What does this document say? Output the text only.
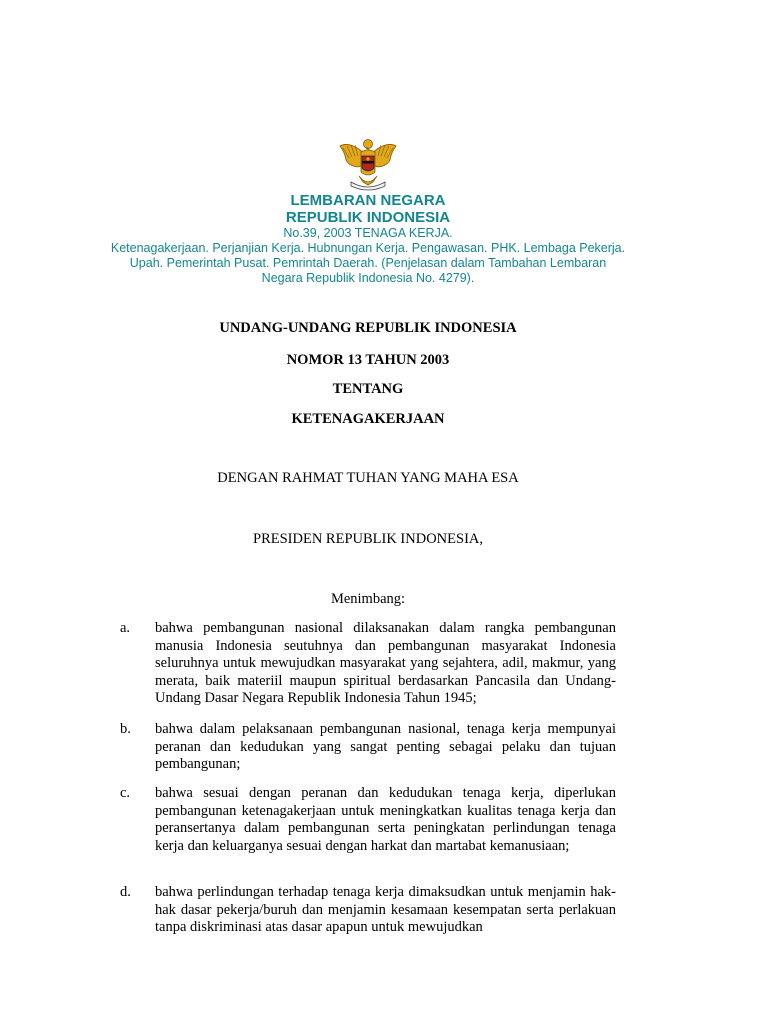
LEMBARAN NEGARA
REPUBLIK INDONESIA
No.39, 2003 TENAGA KERJA.
Ketenagakerjaan. Perjanjian Kerja. Hubnungan Kerja. Pengawasan. PHK. Lembaga Pekerja.
Upah. Pemerintah Pusat. Pemrintah Daerah. (Penjelasan dalam Tambahan Lembaran
Negara Republik Indonesia No. 4279).
UNDANG-UNDANG REPUBLIK INDONESIA
NOMOR 13 TAHUN 2003
TENTANG
KETENAGAKERJAAN
DENGAN RAHMAT TUHAN YANG MAHA ESA
PRESIDEN REPUBLIK INDONESIA,
Menimbang:
a. bahwa pembangunan nasional dilaksanakan dalam rangka pembangunan manusia Indonesia seutuhnya dan pembangunan masyarakat Indonesia seluruhnya untuk mewujudkan masyarakat yang sejahtera, adil, makmur, yang merata, baik materiil maupun spiritual berdasarkan Pancasila dan Undang-Undang Dasar Negara Republik Indonesia Tahun 1945;
b. bahwa dalam pelaksanaan pembangunan nasional, tenaga kerja mempunyai peranan dan kedudukan yang sangat penting sebagai pelaku dan tujuan pembangunan;
c. bahwa sesuai dengan peranan dan kedudukan tenaga kerja, diperlukan pembangunan ketenagakerjaan untuk meningkatkan kualitas tenaga kerja dan peransertanya dalam pembangunan serta peningkatan perlindungan tenaga kerja dan keluarganya sesuai dengan harkat dan martabat kemanusiaan;
d. bahwa perlindungan terhadap tenaga kerja dimaksudkan untuk menjamin hak-hak dasar pekerja/buruh dan menjamin kesamaan kesempatan serta perlakuan tanpa diskriminasi atas dasar apapun untuk mewujudkan
